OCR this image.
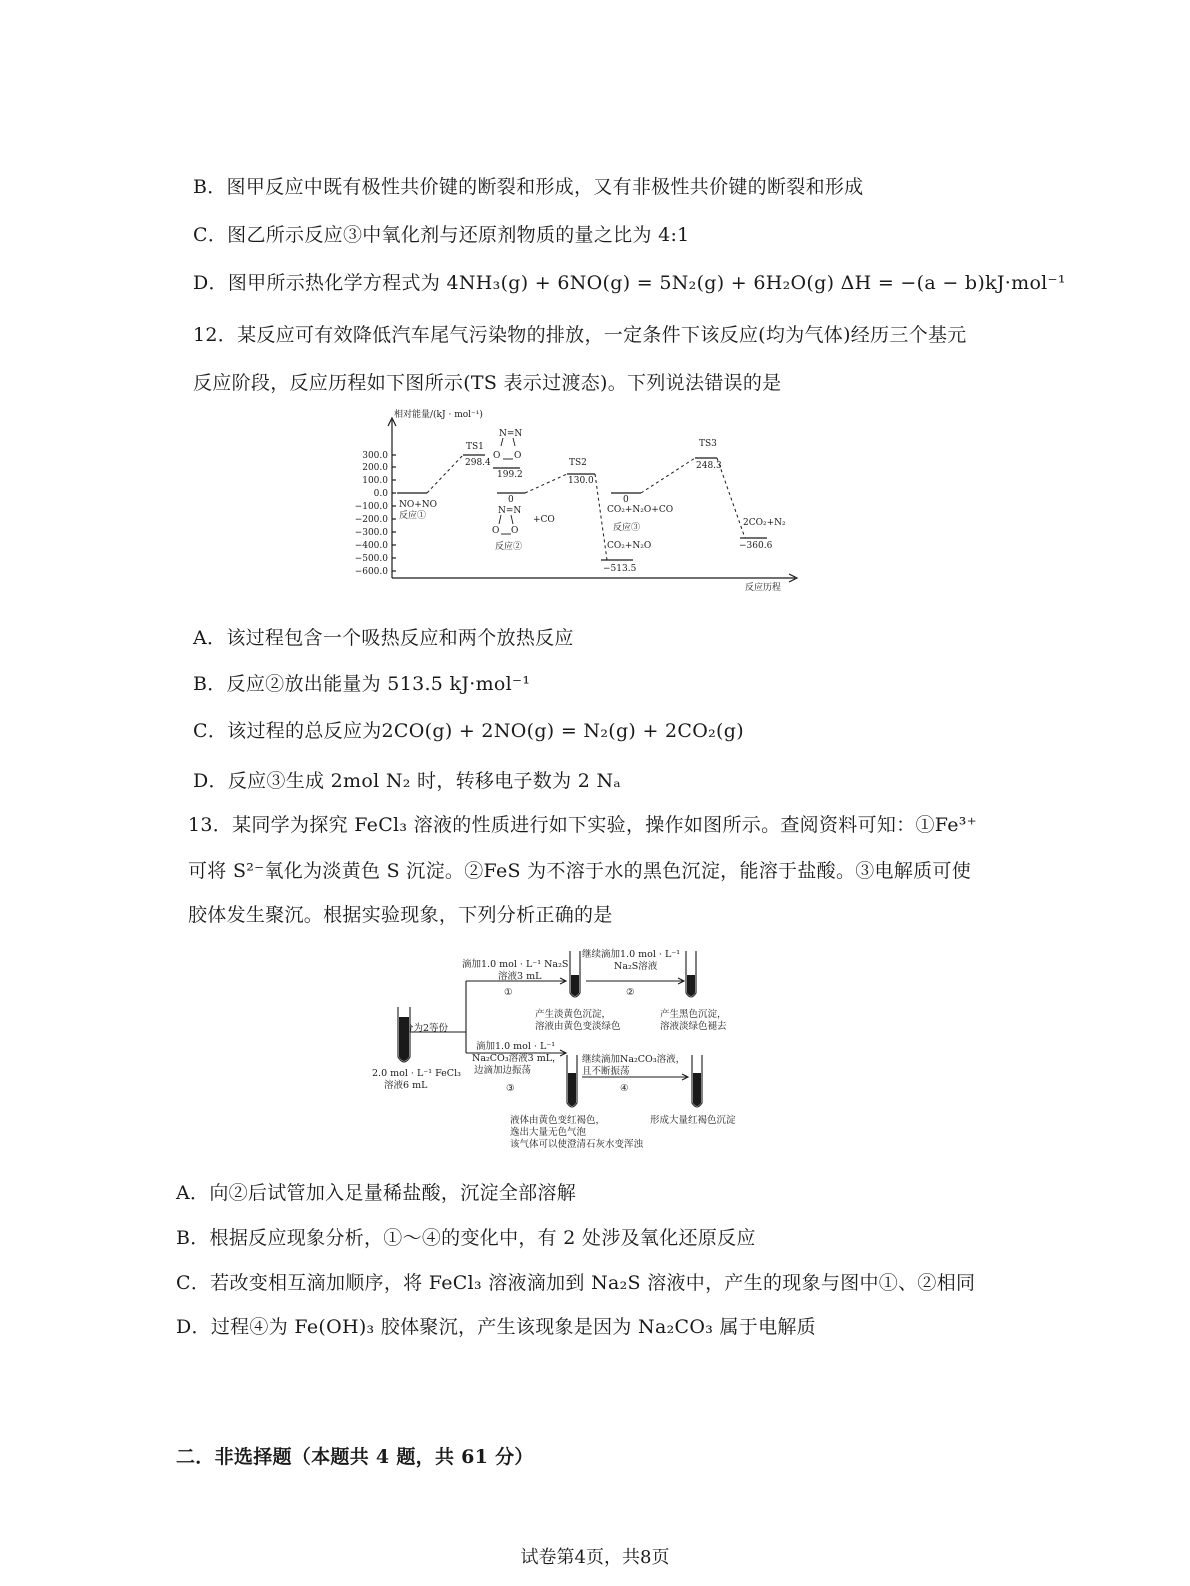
B．图甲反应中既有极性共价键的断裂和形成，又有非极性共价键的断裂和形成
C．图乙所示反应③中氧化剂与还原剂物质的量之比为 4:1
D．图甲所示热化学方程式为 4NH₃(g) + 6NO(g) = 5N₂(g) + 6H₂O(g) ΔH = −(a − b)kJ·mol⁻¹
12．某反应可有效降低汽车尾气污染物的排放，一定条件下该反应(均为气体)经历三个基元
反应阶段，反应历程如下图所示(TS 表示过渡态)。下列说法错误的是
相对能量/(kJ · mol⁻¹)
反应历程
300.0
200.0
100.0
0.0
−100.0
−200.0
−300.0
−400.0
−500.0
−600.0
NO+NO
反应①
TS1
298.4
N=N
O O
199.2
0
N=N
O O
+CO
反应②
TS2
130.0
0
CO₂+N₂O+CO
反应③
CO₂+N₂O
−513.5
TS3
248.3
2CO₂+N₂
−360.6
A．该过程包含一个吸热反应和两个放热反应
B．反应②放出能量为 513.5 kJ·mol⁻¹
C．该过程的总反应为2CO(g) + 2NO(g) = N₂(g) + 2CO₂(g)
D．反应③生成 2mol N₂ 时，转移电子数为 2 Nₐ
13．某同学为探究 FeCl₃ 溶液的性质进行如下实验，操作如图所示。查阅资料可知：①Fe³⁺
可将 S²⁻氧化为淡黄色 S 沉淀。②FeS 为不溶于水的黑色沉淀，能溶于盐酸。③电解质可使
胶体发生聚沉。根据实验现象，下列分析正确的是
分为2等份
2.0 mol · L⁻¹ FeCl₃
溶液6 mL
滴加1.0 mol · L⁻¹ Na₂S
溶液3 mL
①
产生淡黄色沉淀，
溶液由黄色变淡绿色
继续滴加1.0 mol · L⁻¹
Na₂S溶液
②
产生黑色沉淀，
溶液淡绿色褪去
滴加1.0 mol · L⁻¹
Na₂CO₃溶液3 mL，
边滴加边振荡
③
继续滴加Na₂CO₃溶液，
且不断振荡
④
液体由黄色变红褐色，
逸出大量无色气泡
该气体可以使澄清石灰水变浑浊
形成大量红褐色沉淀
A．向②后试管加入足量稀盐酸，沉淀全部溶解
B．根据反应现象分析，①～④的变化中，有 2 处涉及氧化还原反应
C．若改变相互滴加顺序，将 FeCl₃ 溶液滴加到 Na₂S 溶液中，产生的现象与图中①、②相同
D．过程④为 Fe(OH)₃ 胶体聚沉，产生该现象是因为 Na₂CO₃ 属于电解质
二．非选择题（本题共 4 题，共 61 分）
试卷第4页，共8页
